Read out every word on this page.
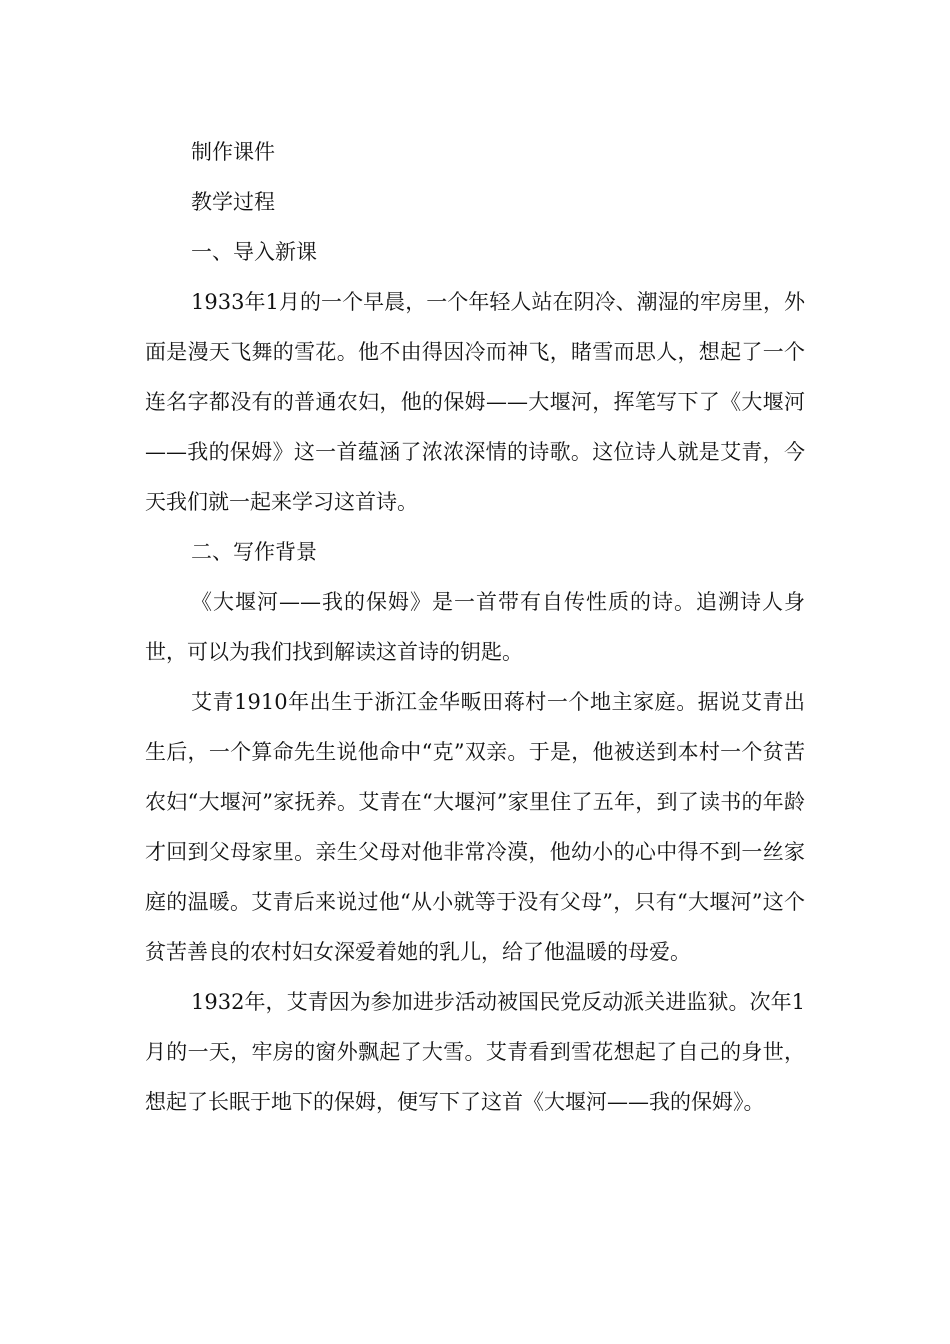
制作课件

教学过程

一、导入新课

1933年1月的一个早晨，一个年轻人站在阴冷、潮湿的牢房里，外面是漫天飞舞的雪花。他不由得因冷而神飞，睹雪而思人，想起了一个连名字都没有的普通农妇，他的保姆——大堰河，挥笔写下了《大堰河——我的保姆》这一首蕴涵了浓浓深情的诗歌。这位诗人就是艾青，今天我们就一起来学习这首诗。

二、写作背景

《大堰河——我的保姆》是一首带有自传性质的诗。追溯诗人身世，可以为我们找到解读这首诗的钥匙。

艾青1910年出生于浙江金华畈田蒋村一个地主家庭。据说艾青出生后，一个算命先生说他命中“克”双亲。于是，他被送到本村一个贫苦农妇“大堰河”家抚养。艾青在“大堰河”家里住了五年，到了读书的年龄才回到父母家里。亲生父母对他非常冷漠，他幼小的心中得不到一丝家庭的温暖。艾青后来说过他“从小就等于没有父母”，只有“大堰河”这个贫苦善良的农村妇女深爱着她的乳儿，给了他温暖的母爱。

1932年，艾青因为参加进步活动被国民党反动派关进监狱。次年1月的一天，牢房的窗外飘起了大雪。艾青看到雪花想起了自己的身世，想起了长眠于地下的保姆，便写下了这首《大堰河——我的保姆》。
